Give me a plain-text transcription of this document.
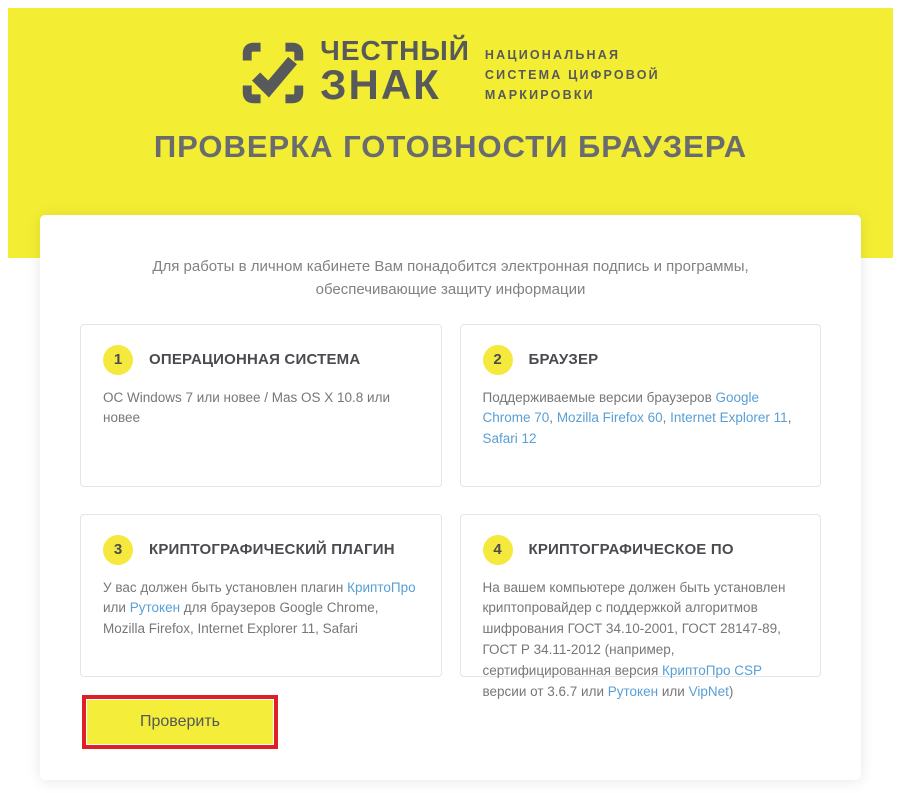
ЧЕСТНЫЙ
ЗНАК
НАЦИОНАЛЬНАЯ
СИСТЕМА ЦИФРОВОЙ
МАРКИРОВКИ
ПРОВЕРКА ГОТОВНОСТИ БРАУЗЕРА

Для работы в личном кабинете Вам понадобится электронная подпись и программы, обеспечивающие защиту информации

1	ОПЕРАЦИОННАЯ СИСТЕМА

OC Windows 7 или новее / Mas OS X 10.8 или новее

2	БРАУЗЕР

Поддерживаемые версии браузеров Google Chrome 70, Mozilla Firefox 60, Internet Explorer 11, Safari 12

3	КРИПТОГРАФИЧЕСКИЙ ПЛАГИН

У вас должен быть установлен плагин КриптоПро или Рутокен для браузеров Google Chrome, Mozilla Firefox, Internet Explorer 11, Safari

4	КРИПТОГРАФИЧЕСКОЕ ПО

На вашем компьютере должен быть установлен криптопровайдер с поддержкой алгоритмов шифрования ГОСТ 34.10-2001, ГОСТ 28147-89, ГОСТ Р 34.11-2012 (например, сертифицированная версия КриптоПро CSP версии от 3.6.7 или Рутокен или VipNet)

Проверить
